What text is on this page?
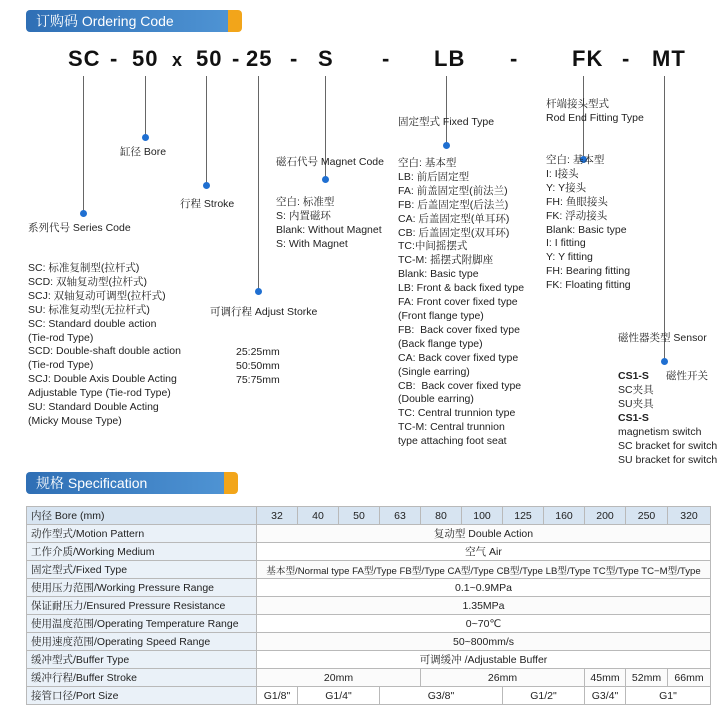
订购码 Ordering Code
SC - 50 x 50 - 25 - S - LB - FK - MT
缸径 Bore
行程 Stroke
系列代号 Series Code
SC: 标准复制型(拉杆式)
SCD: 双轴复动型(拉杆式)
SCJ: 双轴复动可调型(拉杆式)
SU: 标准复动型(无拉杆式)
SC: Standard double action
(Tie-rod Type)
SCD: Double-shaft double action
(Tie-rod Type)
SCJ: Double Axis Double Acting
Adjustable Type (Tie-rod Type)
SU: Standard Double Acting
(Micky Mouse Type)
可调行程 Adjust Storke
25:25mm
50:50mm
75:75mm
磁石代号 Magnet Code
空白: 标准型
S: 内置磁环
Blank: Without Magnet
S: With Magnet
固定型式 Fixed Type
空白: 基本型
LB: 前后固定型
FA: 前盖固定型(前法兰)
FB: 后盖固定型(后法兰)
CA: 后盖固定型(单耳环)
CB: 后盖固定型(双耳环)
TC:中间摇摆式
TC-M: 摇摆式附脚座
Blank: Basic type
LB: Front & back fixed type
FA: Front cover fixed type
(Front flange type)
FB:  Back cover fixed type
(Back flange type)
CA: Back cover fixed type
(Single earring)
CB:  Back cover fixed type
(Double earring)
TC: Central trunnion type
TC-M: Central trunnion
type attaching foot seat
杆端接头型式
Rod End Fitting Type
空白: 基本型
I: I接头
Y: Y接头
FH: 鱼眼接头
FK: 浮动接头
Blank: Basic type
I: I fitting
Y: Y fitting
FH: Bearing fitting
FK: Floating fitting
磁性器类型 Sensor
CS1-S 磁性开关
SC夹具
SU夹具
CS1-S
magnetism switch
SC bracket for switch
SU bracket for switch
规格 Specification
内径 Bore (mm)	32	40	50	63	80	100	125	160	200	250	320
动作型式/Motion Pattern	复动型 Double Action										
工作介质/Working Medium	空气 Air										
固定型式/Fixed Type	基本型/Normal type FA型/Type FB型/Type CA型/Type CB型/Type LB型/Type TC型/Type TC−M型/Type										
使用压力范围/Working Pressure Range	0.1~0.9MPa										
保证耐压力/Ensured Pressure Resistance	1.35MPa										
使用温度范围/Operating Temperature Range	0~70℃										
使用速度范围/Operating Speed Range	50~800mm/s										
缓冲型式/Buffer Type	可调缓冲 /Adjustable Buffer										
缓冲行程/Buffer Stroke	20mm				26mm				45mm	52mm	66mm
接管口径/Port Size	G1/8"	G1/4"		G3/8"			G1/2"		G3/4"	G1"	
